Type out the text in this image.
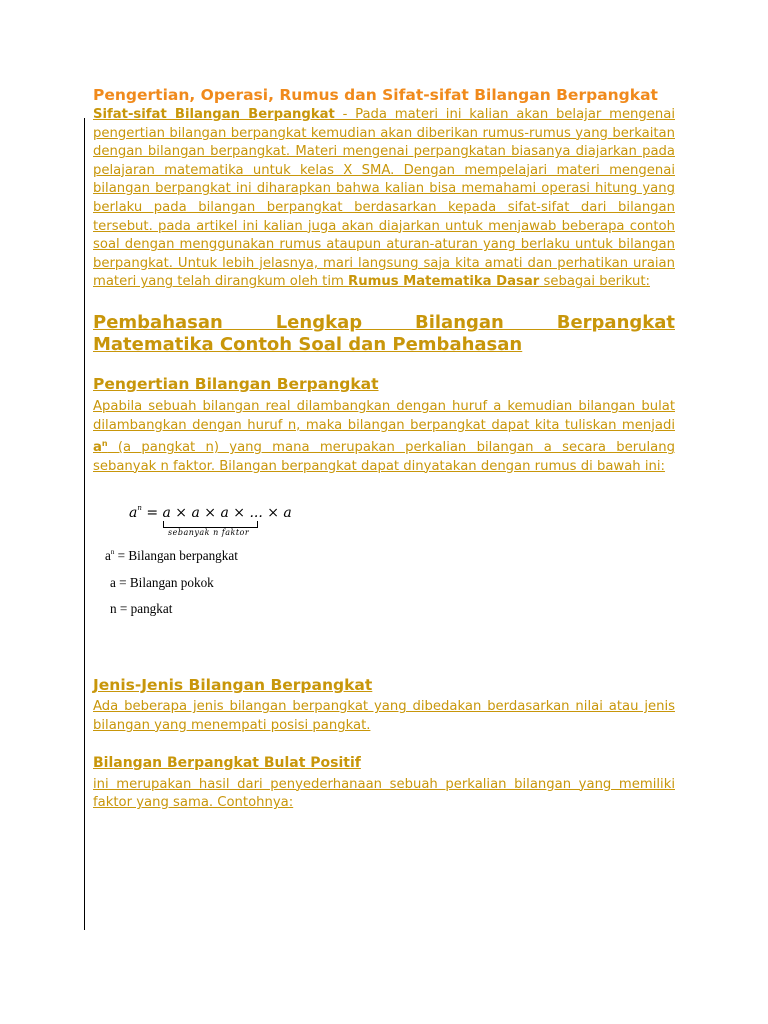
Pengertian, Operasi, Rumus dan Sifat-sifat Bilangan Berpangkat

Sifat-sifat Bilangan Berpangkat - Pada materi ini kalian akan belajar mengenai pengertian bilangan berpangkat kemudian akan diberikan rumus-rumus yang berkaitan dengan bilangan berpangkat. Materi mengenai perpangkatan biasanya diajarkan pada pelajaran matematika untuk kelas X SMA. Dengan mempelajari materi mengenai bilangan berpangkat ini diharapkan bahwa kalian bisa memahami operasi hitung yang berlaku pada bilangan berpangkat berdasarkan kepada sifat-sifat dari bilangan tersebut. pada artikel ini kalian juga akan diajarkan untuk menjawab beberapa contoh soal dengan menggunakan rumus ataupun aturan-aturan yang berlaku untuk bilangan berpangkat. Untuk lebih jelasnya, mari langsung saja kita amati dan perhatikan uraian materi yang telah dirangkum oleh tim Rumus Matematika Dasar sebagai berikut:

Pembahasan Lengkap Bilangan Berpangkat
Matematika Contoh Soal dan Pembahasan
Pengertian Bilangan Berpangkat

Apabila sebuah bilangan real dilambangkan dengan huruf a kemudian bilangan bulat dilambangkan dengan huruf n, maka bilangan berpangkat dapat kita tuliskan menjadi $a^n$ (a pangkat n) yang mana merupakan perkalian bilangan a secara berulang sebanyak n faktor. Bilangan berpangkat dapat dinyatakan dengan rumus di bawah ini:

$a^n = a \times a \times a$ × ... × a
sebanyak n faktor
$a^n$ = Bilangan berpangkat
a = Bilangan pokok
n = pangkat
Jenis-Jenis Bilangan Berpangkat

Ada beberapa jenis bilangan berpangkat yang dibedakan berdasarkan nilai atau jenis bilangan yang menempati posisi pangkat.

Bilangan Berpangkat Bulat Positif

ini merupakan hasil dari penyederhanaan sebuah perkalian bilangan yang memiliki faktor yang sama. Contohnya:
